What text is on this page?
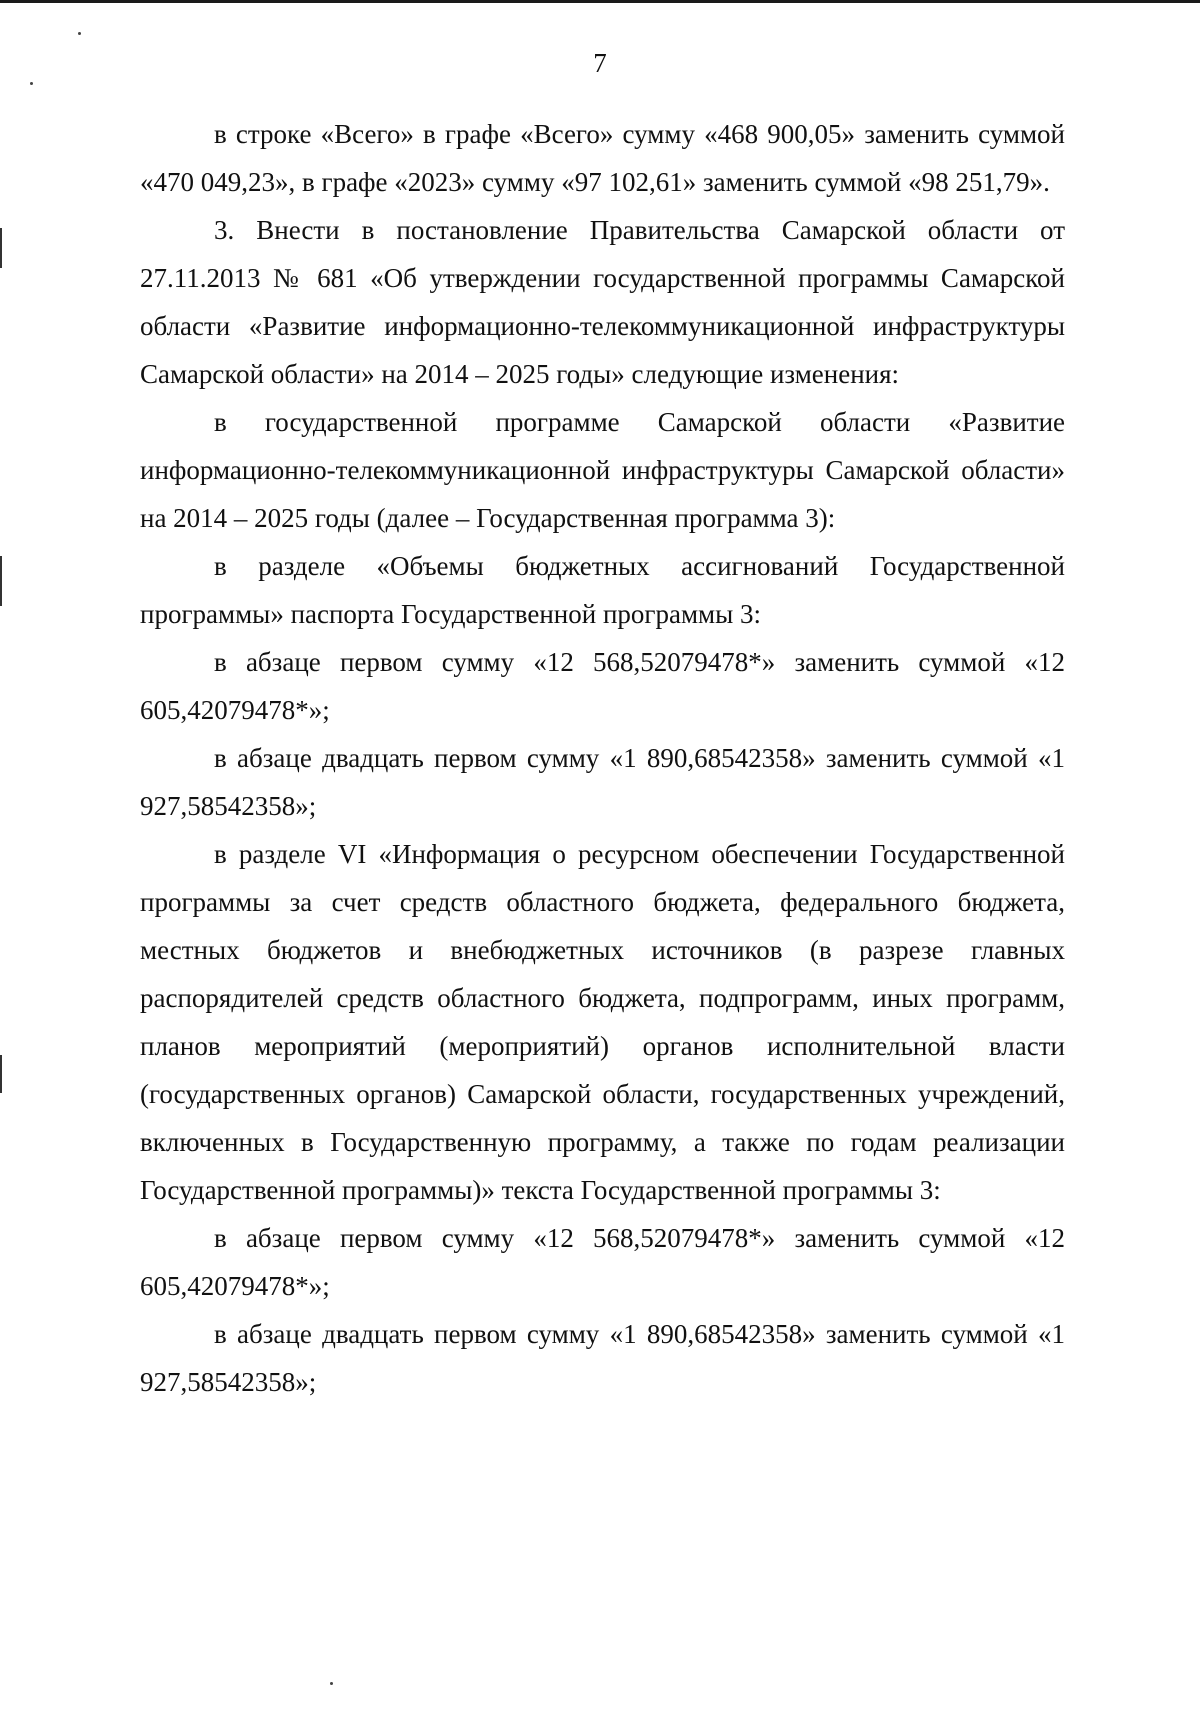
7

в строке «Всего» в графе «Всего» сумму «468 900,05» заменить суммой «470 049,23», в графе «2023» сумму «97 102,61» заменить суммой «98 251,79».

3. Внести в постановление Правительства Самарской области от 27.11.2013 № 681 «Об утверждении государственной программы Самарской области «Развитие информационно-телекоммуникационной инфраструктуры Самарской области» на 2014 – 2025 годы» следующие изменения:

в государственной программе Самарской области «Развитие информационно-телекоммуникационной инфраструктуры Самарской области» на 2014 – 2025 годы (далее – Государственная программа 3):

в разделе «Объемы бюджетных ассигнований Государственной программы» паспорта Государственной программы 3:

в абзаце первом сумму «12 568,52079478*» заменить суммой «12 605,42079478*»;

в абзаце двадцать первом сумму «1 890,68542358» заменить суммой «1 927,58542358»;

в разделе VI «Информация о ресурсном обеспечении Государственной программы за счет средств областного бюджета, федерального бюджета, местных бюджетов и внебюджетных источников (в разрезе главных распорядителей средств областного бюджета, подпрограмм, иных программ, планов мероприятий (мероприятий) органов исполнительной власти (государственных органов) Самарской области, государственных учреждений, включенных в Государственную программу, а также по годам реализации Государственной программы)» текста Государственной программы 3:

в абзаце первом сумму «12 568,52079478*» заменить суммой «12 605,42079478*»;

в абзаце двадцать первом сумму «1 890,68542358» заменить суммой «1 927,58542358»;
